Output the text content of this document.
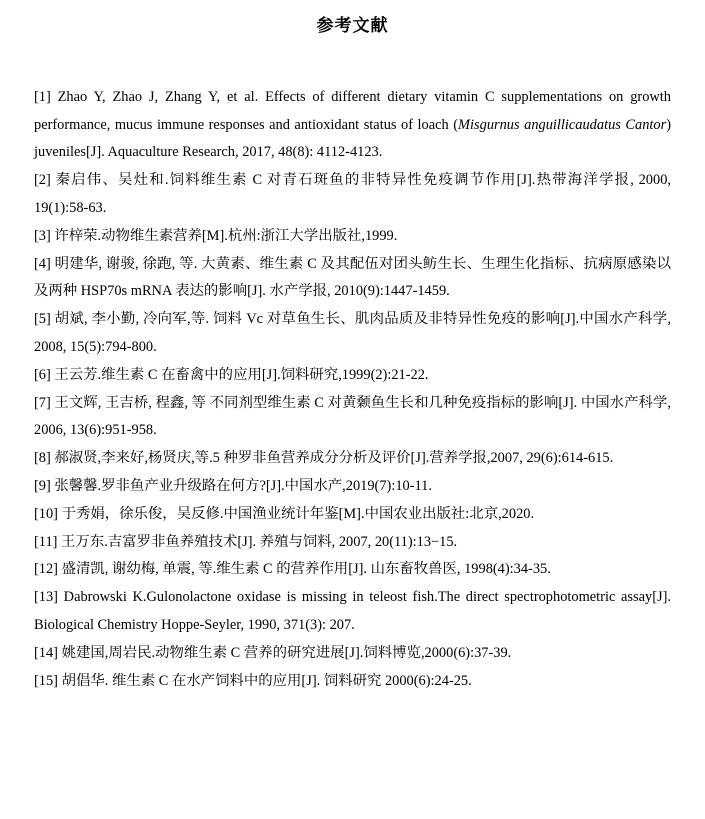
参考文献

[1] Zhao Y, Zhao J, Zhang Y, et al. Effects of different dietary vitamin C supplementations on growth performance, mucus immune responses and antioxidant status of loach (Misgurnus anguillicaudatus Cantor) juveniles[J]. Aquaculture Research, 2017, 48(8): 4112-4123.

[2] 秦启伟、吴灶和.饲料维生素 C 对青石斑鱼的非特异性免疫调节作用[J].热带海洋学报, 2000, 19(1):58-63.

[3] 许梓荣.动物维生素营养[M].杭州:浙江大学出版社,1999.

[4] 明建华, 谢骏, 徐跑, 等. 大黄素、维生素 C 及其配伍对团头鲂生长、生理生化指标、抗病原感染以及两种 HSP70s mRNA 表达的影响[J]. 水产学报, 2010(9):1447-1459.

[5] 胡斌, 李小勤, 冷向军,等. 饲料 Vc 对草鱼生长、肌肉品质及非特异性免疫的影响[J].中国水产科学, 2008, 15(5):794-800.

[6] 王云芳.维生素 C 在畜禽中的应用[J].饲料研究,1999(2):21-22.

[7] 王文辉, 王吉桥, 程鑫, 等 不同剂型维生素 C 对黄颡鱼生长和几种免疫指标的影响[J]. 中国水产科学, 2006, 13(6):951-958.

[8] 郝淑贤,李来好,杨贤庆,等.5 种罗非鱼营养成分分析及评价[J].营养学报,2007, 29(6):614-615.

[9] 张馨馨.罗非鱼产业升级路在何方?[J].中国水产,2019(7):10-11.

[10] 于秀娟，徐乐俊，吴反修.中国渔业统计年鉴[M].中国农业出版社:北京,2020.

[11] 王万东.吉富罗非鱼养殖技术[J]. 养殖与饲料, 2007, 20(11):13−15.

[12] 盛清凯, 谢幼梅, 单震, 等.维生素 C 的营养作用[J]. 山东畜牧兽医, 1998(4):34-35.

[13] Dabrowski K.Gulonolactone oxidase is missing in teleost fish.The direct spectrophotometric assay[J]. Biological Chemistry Hoppe-Seyler, 1990, 371(3): 207.

[14] 姚建国,周岩民.动物维生素 C 营养的研究进展[J].饲料博览,2000(6):37-39.

[15] 胡倡华. 维生素 C 在水产饲料中的应用[J]. 饲料研究 2000(6):24-25.
